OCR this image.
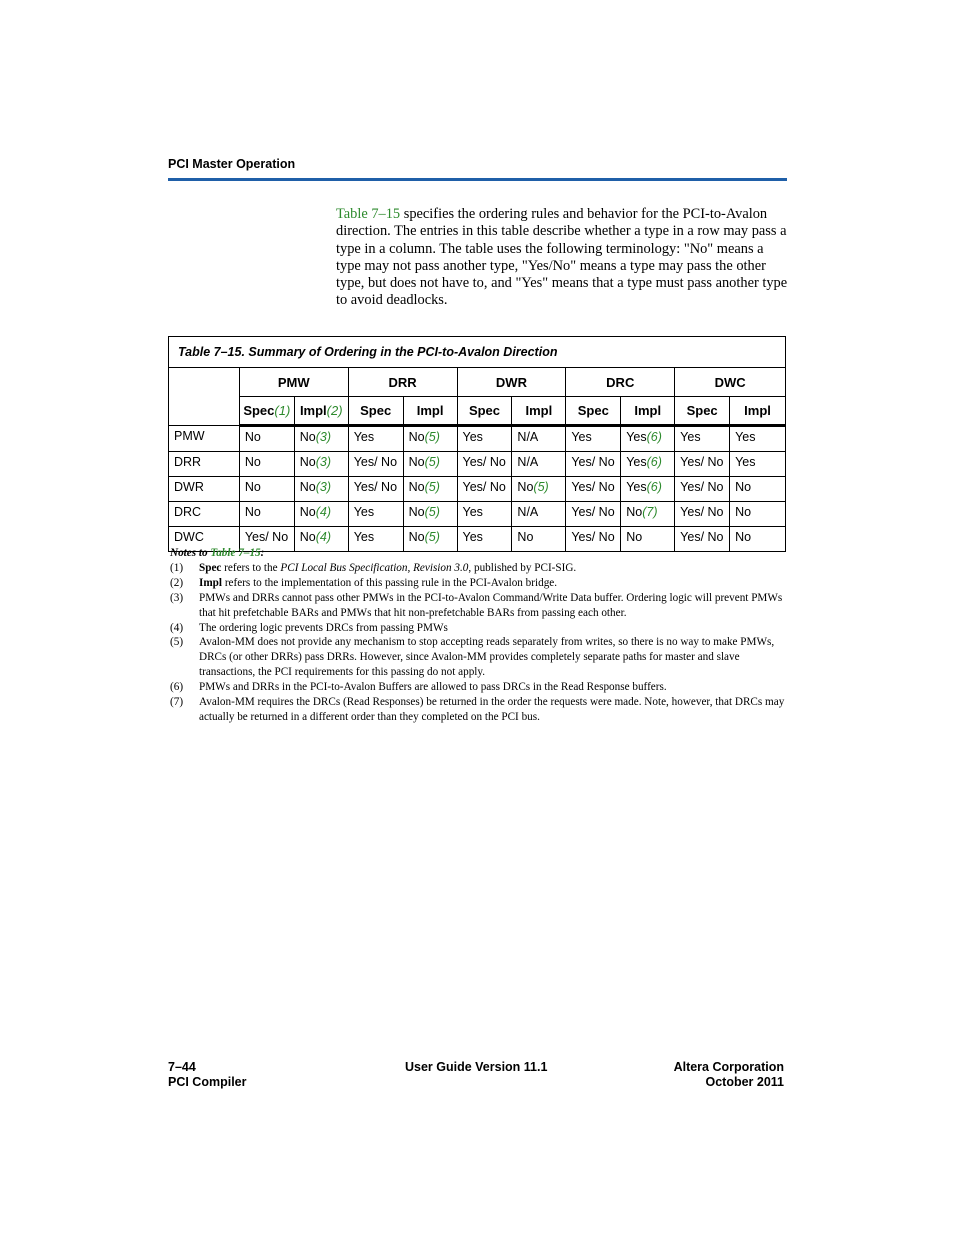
PCI Master Operation
Table 7–15 specifies the ordering rules and behavior for the PCI-to-Avalon direction. The entries in this table describe whether a type in a row may pass a type in a column. The table uses the following terminology: "No" means a type may not pass another type, "Yes/No" means a type may pass the other type, but does not have to, and "Yes" means that a type must pass another type to avoid deadlocks.
Table 7–15. Summary of Ordering in the PCI-to-Avalon Direction										
	PMW		DRR		DWR		DRC		DWC	
	Spec(1)	Impl(2)	Spec	Impl	Spec	Impl	Spec	Impl	Spec	Impl
PMW	No	No(3)	Yes	No(5)	Yes	N/A	Yes	Yes(6)	Yes	Yes
DRR	No	No(3)	Yes/ No	No(5)	Yes/ No	N/A	Yes/ No	Yes(6)	Yes/ No	Yes
DWR	No	No(3)	Yes/ No	No(5)	Yes/ No	No(5)	Yes/ No	Yes(6)	Yes/ No	No
DRC	No	No(4)	Yes	No(5)	Yes	N/A	Yes/ No	No(7)	Yes/ No	No
DWC	Yes/ No	No(4)	Yes	No(5)	Yes	No	Yes/ No	No	Yes/ No	No
Notes to Table 7–15:
(1)	Spec refers to the PCI Local Bus Specification, Revision 3.0, published by PCI-SIG.
(2)	Impl refers to the implementation of this passing rule in the PCI-Avalon bridge.
(3)	PMWs and DRRs cannot pass other PMWs in the PCI-to-Avalon Command/Write Data buffer. Ordering logic will prevent PMWs that hit prefetchable BARs and PMWs that hit non-prefetchable BARs from passing each other.
(4)	The ordering logic prevents DRCs from passing PMWs
(5)	Avalon-MM does not provide any mechanism to stop accepting reads separately from writes, so there is no way to make PMWs, DRCs (or other DRRs) pass DRRs. However, since Avalon-MM provides completely separate paths for master and slave transactions, the PCI requirements for this passing do not apply.
(6)	PMWs and DRRs in the PCI-to-Avalon Buffers are allowed to pass DRCs in the Read Response buffers.
(7)	Avalon-MM requires the DRCs (Read Responses) be returned in the order the requests were made. Note, however, that DRCs may actually be returned in a different order than they completed on the PCI bus.
7–44
PCI Compiler
User Guide Version 11.1	Altera Corporation
October 2011
